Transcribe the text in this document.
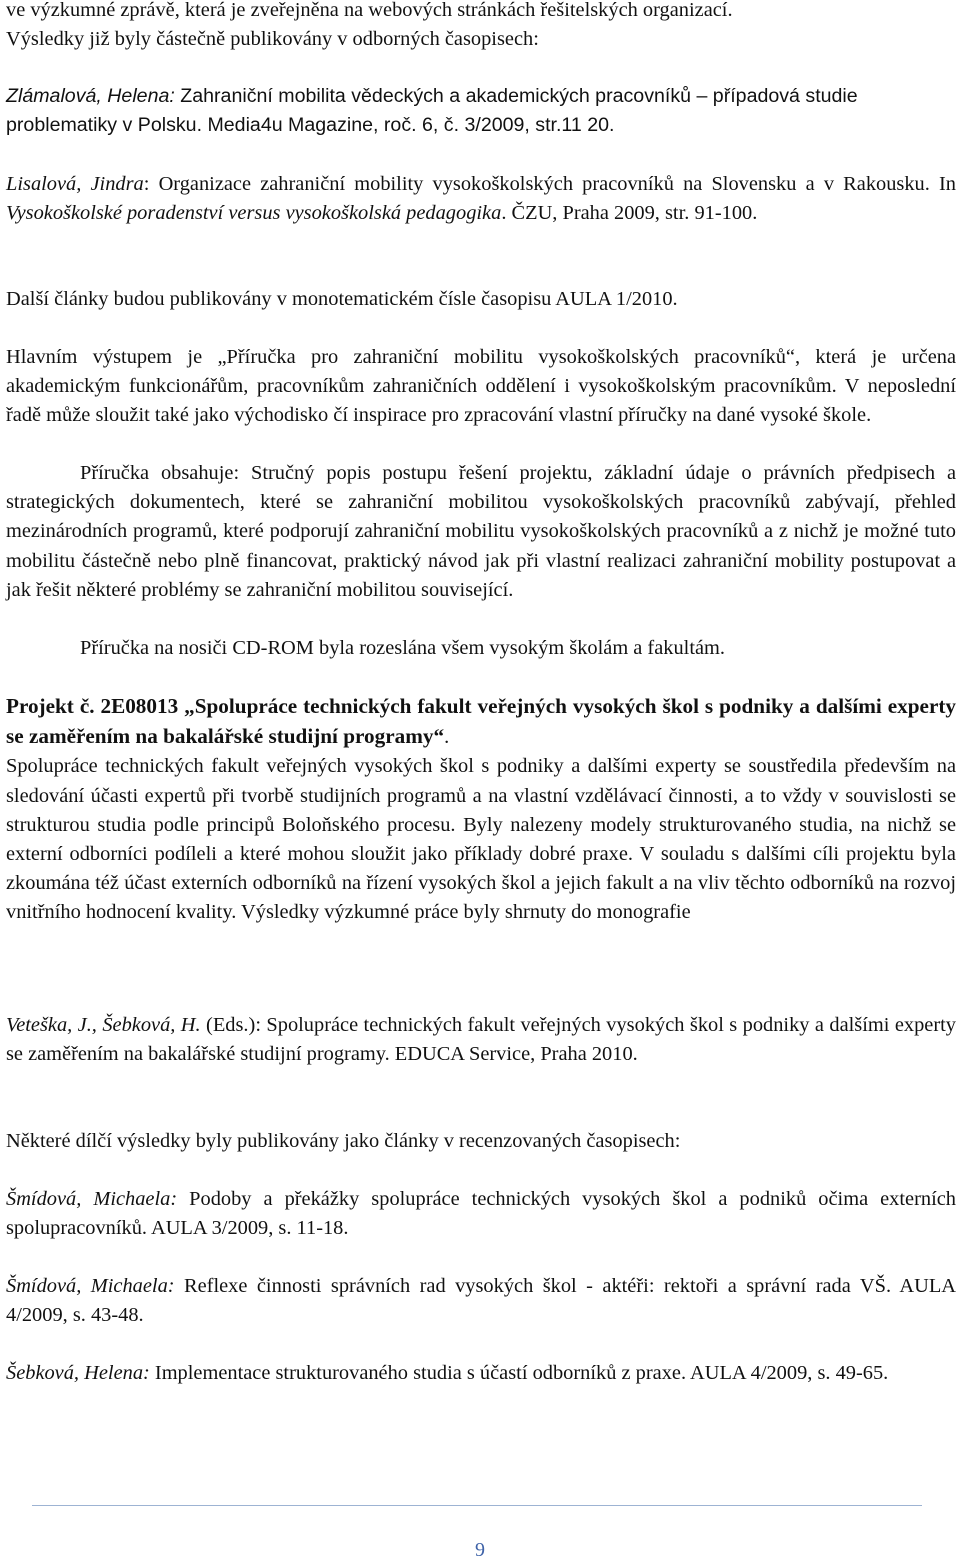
ve výzkumné zprávě, která je zveřejněna na webových stránkách řešitelských organizací.
Výsledky již byly částečně publikovány v odborných časopisech:

Zlámalová, Helena: Zahraniční mobilita vědeckých a akademických pracovníků – případová studie problematiky v Polsku. Media4u Magazine, roč. 6, č. 3/2009, str.11 20.

Lisalová, Jindra: Organizace zahraniční mobility vysokoškolských pracovníků na Slovensku a v Rakousku. In Vysokoškolské poradenství versus vysokoškolská pedagogika. ČZU, Praha 2009, str. 91-100.

Další články budou publikovány v monotematickém čísle časopisu AULA 1/2010.

Hlavním výstupem je „Příručka pro zahraniční mobilitu vysokoškolských pracovníků“, která je určena akademickým funkcionářům, pracovníkům zahraničních oddělení i vysokoškolským pracovníkům. V neposlední řadě může sloužit také jako východisko čí inspirace pro zpracování vlastní příručky na dané vysoké škole.

Příručka obsahuje: Stručný popis postupu řešení projektu, základní údaje o právních předpisech a strategických dokumentech, které se zahraniční mobilitou vysokoškolských pracovníků zabývají, přehled mezinárodních programů, které podporují zahraniční mobilitu vysokoškolských pracovníků a z nichž je možné tuto mobilitu částečně nebo plně financovat, praktický návod jak při vlastní realizaci zahraniční mobility postupovat a jak řešit některé problémy se zahraniční mobilitou související.

Příručka na nosiči CD-ROM byla rozeslána všem vysokým školám a fakultám.

Projekt č. 2E08013 „Spolupráce technických fakult veřejných vysokých škol s podniky a dalšími experty se zaměřením na bakalářské studijní programy“.
Spolupráce technických fakult veřejných vysokých škol s podniky a dalšími experty se soustředila především na sledování účasti expertů při tvorbě studijních programů a na vlastní vzdělávací činnosti, a to vždy v souvislosti se strukturou studia podle principů Boloňského procesu. Byly nalezeny modely strukturovaného studia, na nichž se externí odborníci podíleli a které mohou sloužit jako příklady dobré praxe. V souladu s dalšími cíli projektu byla zkoumána též účast externích odborníků na řízení vysokých škol a jejich fakult a na vliv těchto odborníků na rozvoj vnitřního hodnocení kvality. Výsledky výzkumné práce byly shrnuty do monografie

Veteška, J., Šebková, H. (Eds.): Spolupráce technických fakult veřejných vysokých škol s podniky a dalšími experty se zaměřením na bakalářské studijní programy. EDUCA Service, Praha 2010.

Některé dílčí výsledky byly publikovány jako články v recenzovaných časopisech:

Šmídová, Michaela: Podoby a překážky spolupráce technických vysokých škol a podniků očima externích spolupracovníků. AULA 3/2009, s. 11-18.

Šmídová, Michaela: Reflexe činnosti správních rad vysokých škol - aktéři: rektoři a správní rada VŠ. AULA 4/2009, s. 43-48.

Šebková, Helena: Implementace strukturovaného studia s účastí odborníků z praxe. AULA 4/2009, s. 49-65.

9
